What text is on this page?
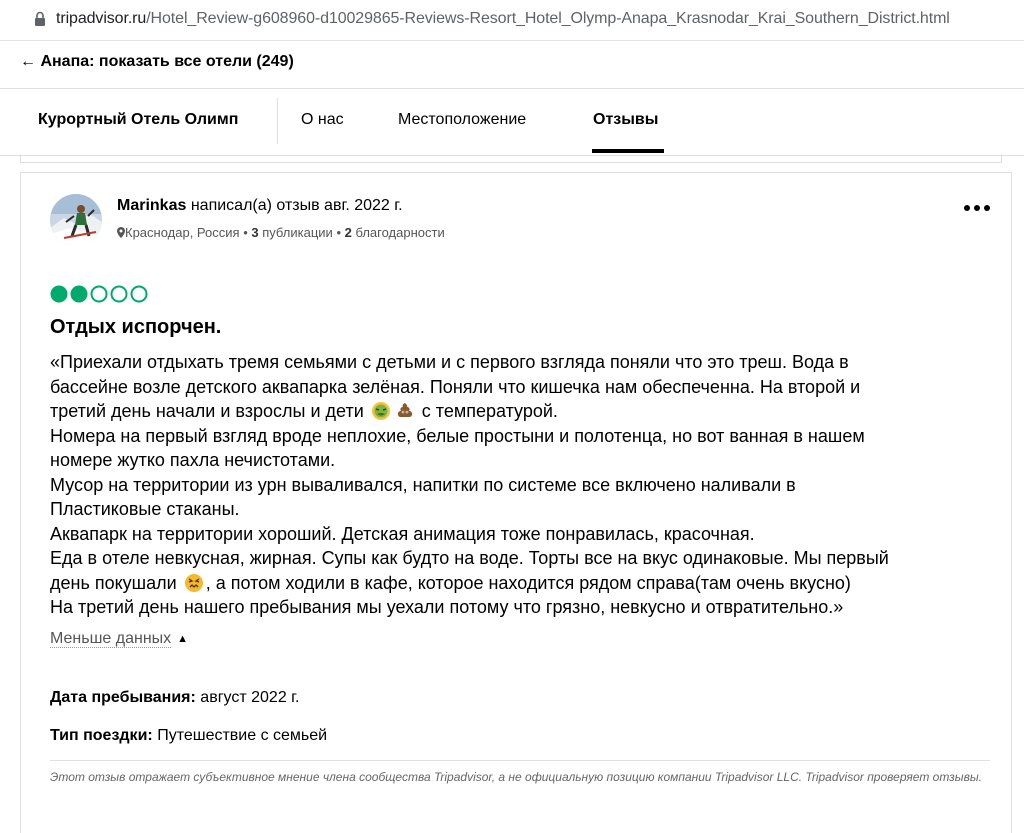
tripadvisor.ru/Hotel_Review-g608960-d10029865-Reviews-Resort_Hotel_Olymp-Anapa_Krasnodar_Krai_Southern_District.html
← Анапа: показать все отели (249)
Курортный Отель Олимп	О нас	Местоположение	Отзывы
Marinkas написал(а) отзыв авг. 2022 г.
Краснодар, Россия • 3 публикации • 2 благодарности
Отдых испорчен.

«Приехали отдыхать тремя семьями с детьми и с первого взгляда поняли что это треш. Вода в

бассейне возле детского аквапарка зелёная. Поняли что кишечка нам обеспеченна. На второй и

третий день начали и взрослы и дети	с температурой.

Номера на первый взгляд вроде неплохие, белые простыни и полотенца, но вот ванная в нашем

номере жутко пахла нечистотами.

Мусор на территории из урн вываливался, напитки по системе все включено наливали в

Пластиковые стаканы.

Аквапарк на территории хороший. Детская анимация тоже понравилась, красочная.

Еда в отеле невкусная, жирная. Супы как будто на воде. Торты все на вкус одинаковые. Мы первый

день покушали , а потом ходили в кафе, которое находится рядом справа(там очень вкусно)

На третий день нашего пребывания мы уехали потому что грязно, невкусно и отвратительно.»

Меньше данных ▲
Дата пребывания: август 2022 г.
Тип поездки: Путешествие с семьей
Этот отзыв отражает субъективное мнение члена сообщества Tripadvisor, а не официальную позицию компании Tripadvisor LLC. Tripadvisor проверяет отзывы.
